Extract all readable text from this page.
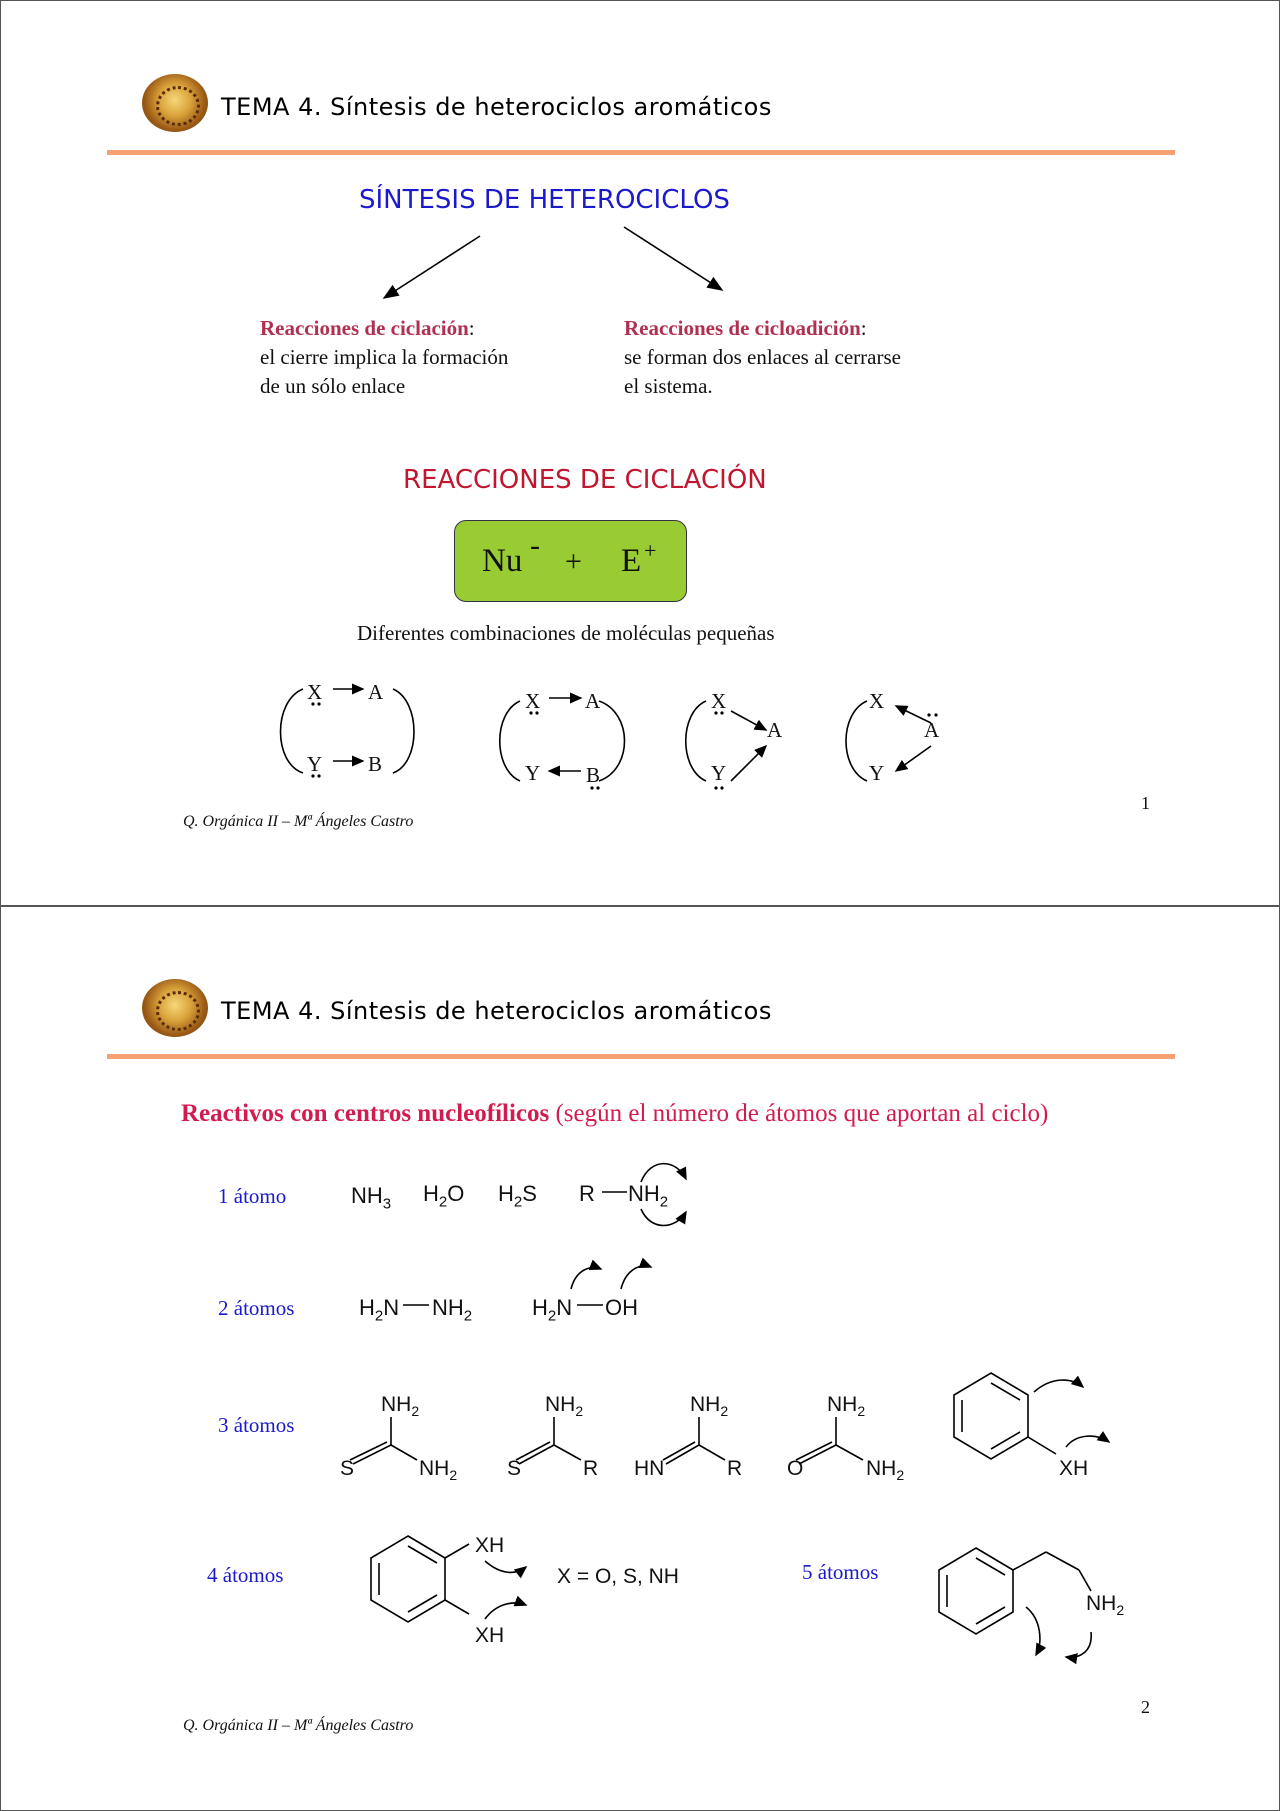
TEMA 4. Síntesis de heterociclos aromáticos
SÍNTESIS DE HETEROCICLOS
Reacciones de ciclación:
el cierre implica la formación
de un sólo enlace
Reacciones de cicloadición:
se forman dos enlaces al cerrarse
el sistema.
REACCIONES DE CICLACIÓN
Nu - + E +
Diferentes combinaciones de moléculas pequeñas
X A
Y B
X A
Y B
X
A
Y
X
A
Y
Q. Orgánica II – Mª Ángeles Castro
1
TEMA 4. Síntesis de heterociclos aromáticos
Reactivos con centros nucleofílicos (según el número de átomos que aportan al ciclo)
1 átomo
2 átomos
3 átomos
4 átomos	5 átomos
$NH_3$ $H_2O$ $H_2S$ R $NH_2$
$H_2N$ $NH_2$	$H_2N$ OH
$NH_2$
S	$NH_2$
$NH_2$
S	R
$NH_2$
HN	R
$NH_2$
O	$NH_2$	XH
XH
XH
X = O, S, NH
$NH_2$
Q. Orgánica II – Mª Ángeles Castro
2
